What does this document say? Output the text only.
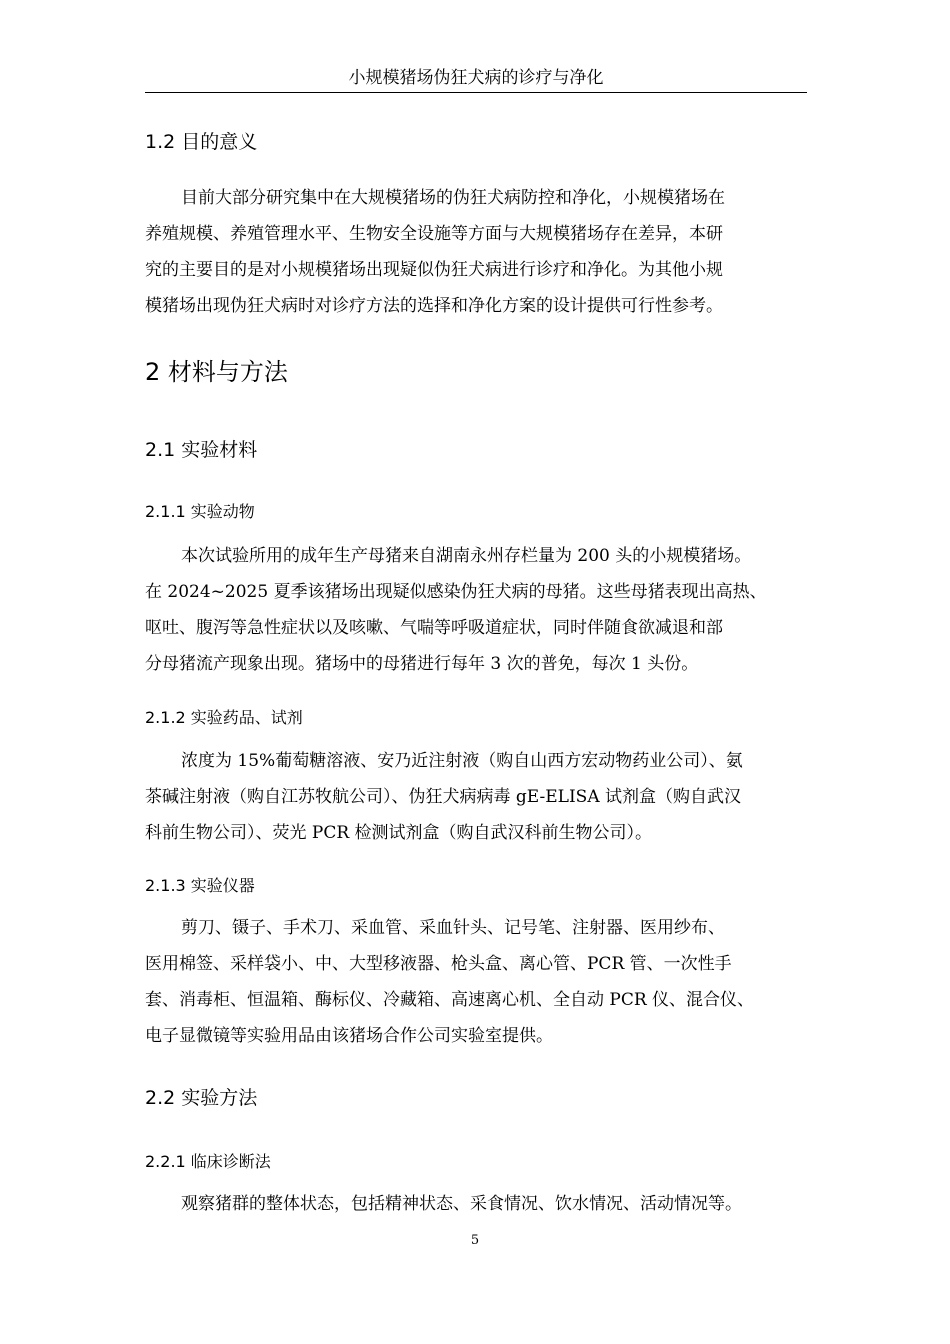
小规模猪场伪狂犬病的诊疗与净化
1.2 目的意义
目前大部分研究集中在大规模猪场的伪狂犬病防控和净化，小规模猪场在
养殖规模、养殖管理水平、生物安全设施等方面与大规模猪场存在差异，本研
究的主要目的是对小规模猪场出现疑似伪狂犬病进行诊疗和净化。为其他小规
模猪场出现伪狂犬病时对诊疗方法的选择和净化方案的设计提供可行性参考。
2 材料与方法
2.1 实验材料
2.1.1 实验动物
本次试验所用的成年生产母猪来自湖南永州存栏量为 200 头的小规模猪场。
在 2024~2025 夏季该猪场出现疑似感染伪狂犬病的母猪。这些母猪表现出高热、
呕吐、腹泻等急性症状以及咳嗽、气喘等呼吸道症状，同时伴随食欲减退和部
分母猪流产现象出现。猪场中的母猪进行每年 3 次的普免，每次 1 头份。
2.1.2 实验药品、试剂
浓度为 15%葡萄糖溶液、安乃近注射液（购自山西方宏动物药业公司）、氨
茶碱注射液（购自江苏牧航公司）、伪狂犬病病毒 gE-ELISA 试剂盒（购自武汉
科前生物公司）、荧光 PCR 检测试剂盒（购自武汉科前生物公司）。
2.1.3 实验仪器
剪刀、镊子、手术刀、采血管、采血针头、记号笔、注射器、医用纱布、
医用棉签、采样袋小、中、大型移液器、枪头盒、离心管、PCR 管、一次性手
套、消毒柜、恒温箱、酶标仪、冷藏箱、高速离心机、全自动 PCR 仪、混合仪、
电子显微镜等实验用品由该猪场合作公司实验室提供。
2.2 实验方法
2.2.1 临床诊断法
观察猪群的整体状态，包括精神状态、采食情况、饮水情况、活动情况等。
5
